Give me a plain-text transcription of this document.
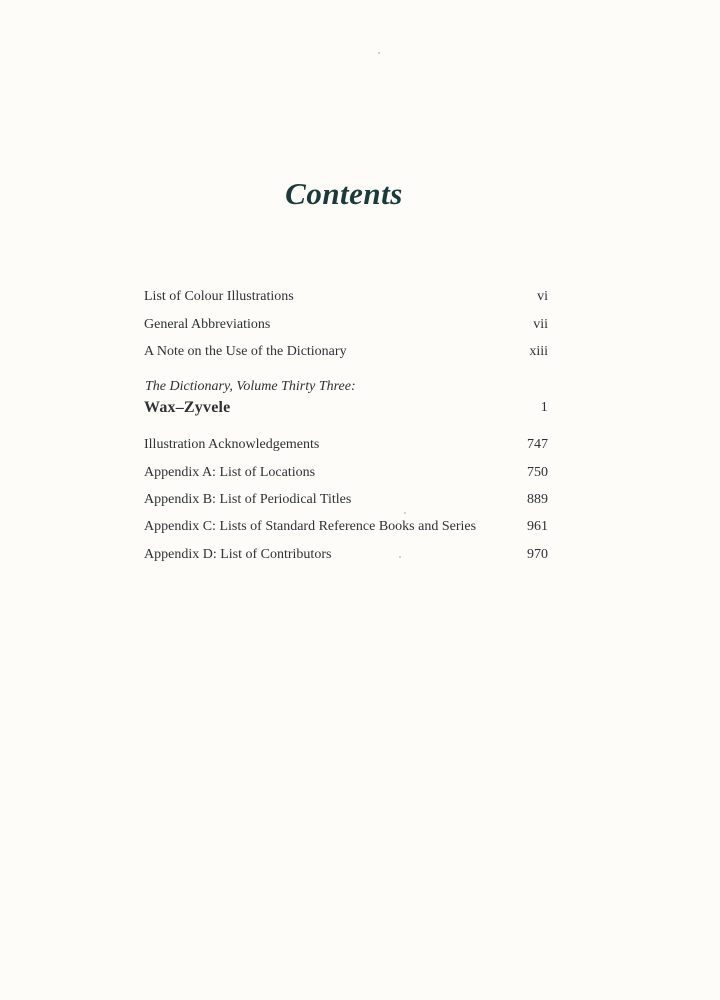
Contents
List of Colour Illustrations	vi
General Abbreviations	vii
A Note on the Use of the Dictionary	xiii
The Dictionary, Volume Thirty Three:
Wax–Zyvele	1
Illustration Acknowledgements	747
Appendix A: List of Locations	750
Appendix B: List of Periodical Titles	889
Appendix C: Lists of Standard Reference Books and Series	961
Appendix D: List of Contributors	970
